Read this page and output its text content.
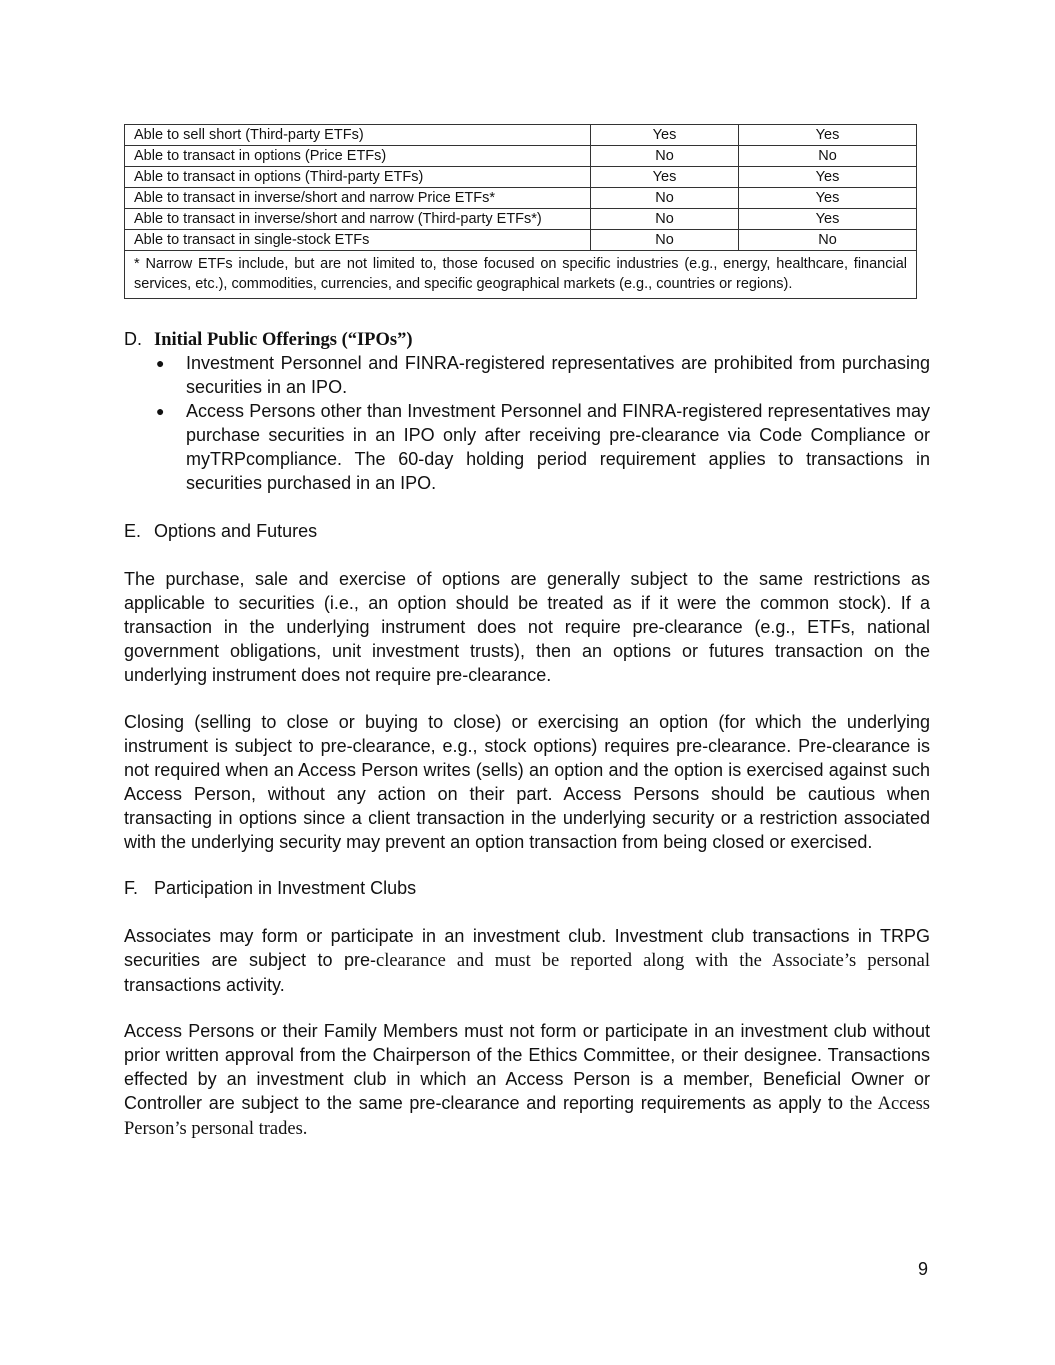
Able to sell short (Third-party ETFs)	Yes	Yes
Able to transact in options (Price ETFs)	No	No
Able to transact in options (Third-party ETFs)	Yes	Yes
Able to transact in inverse/short and narrow Price ETFs*	No	Yes
Able to transact in inverse/short and narrow (Third-party ETFs*)	No	Yes
Able to transact in single-stock ETFs	No	No
* Narrow ETFs include, but are not limited to, those focused on specific industries (e.g., energy, healthcare, financial services, etc.), commodities, currencies, and specific geographical markets (e.g., countries or regions).		
D. Initial Public Offerings (“IPOs”)
● Investment Personnel and FINRA-registered representatives are prohibited from purchasing securities in an IPO.
● Access Persons other than Investment Personnel and FINRA-registered representatives may purchase securities in an IPO only after receiving pre-clearance via Code Compliance or myTRPcompliance. The 60-day holding period requirement applies to transactions in securities purchased in an IPO.
E. Options and Futures

The purchase, sale and exercise of options are generally subject to the same restrictions as applicable to securities (i.e., an option should be treated as if it were the common stock). If a transaction in the underlying instrument does not require pre-clearance (e.g., ETFs, national government obligations, unit investment trusts), then an options or futures transaction on the underlying instrument does not require pre-clearance.

Closing (selling to close or buying to close) or exercising an option (for which the underlying instrument is subject to pre-clearance, e.g., stock options) requires pre-clearance. Pre-clearance is not required when an Access Person writes (sells) an option and the option is exercised against such Access Person, without any action on their part. Access Persons should be cautious when transacting in options since a client transaction in the underlying security or a restriction associated with the underlying security may prevent an option transaction from being closed or exercised.

F. Participation in Investment Clubs

Associates may form or participate in an investment club. Investment club transactions in TRPG securities are subject to pre-clearance and must be reported along with the Associate’s personal transactions activity.

Access Persons or their Family Members must not form or participate in an investment club without prior written approval from the Chairperson of the Ethics Committee, or their designee. Transactions effected by an investment club in which an Access Person is a member, Beneficial Owner or Controller are subject to the same pre-clearance and reporting requirements as apply to the Access Person’s personal trades.

9
